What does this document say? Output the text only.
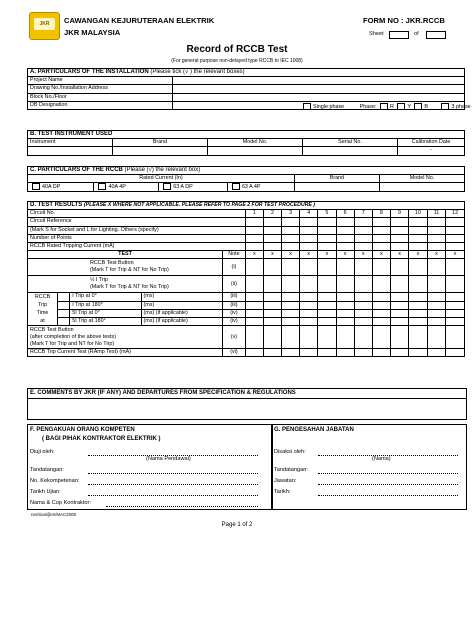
JKR	CAWANGAN KEJURUTERAAN ELEKTRIK
JKR MALAYSIA
FORM NO : JKR.RCCB
Sheet	of
Record of RCCB Test
(For general purpose non-delayed type RCCB to IEC 1008)
A. PARTICULARS OF THE INSTALLATION (Please tick (√ ) the relevant boxes)	
Project Name	
Drawing No./Installation Address	
Block No./Floor	
DB Designation	Single phase Phase: R Y B 3 phase
B. TEST INSTRUMENT USED				
Instrument	Brand	Model No.	Serial No.	Calibration Date
				-
C. PARTICULARS OF THE RCCB (Please (√) the relevant box)					
Rated Current (In)				Brand	Model No.
40A DP	40A 4P	63 A DP	63 A 4P		
D. TEST RESULTS (PLEASE X WHERE NOT APPLICABLE. PLEASE REFER TO PAGE 2 FOR TEST PROCEDURE )																
Circuit No.					1	2	3	4	5	6	7	8	9	10	11	12
Circuit Reference																
(Mark S for Socket and L for Lighting. Others (specify)																
Number of Points																
RCCB Rated Tripping Current (mA)																
TEST				Note	x	x	x	x	x	x	x	x	x	x	x	x
RCCB Test Button
(Mark T for Trip & NT for No Trip)				(i)												
½ I Trip
(Mark T for Trip & NT for No Trip)				(ii)												
RCCB		I Trip at 0°	(ms)	(iii)												
Trip		I Trip at 180°	(ms)	(iii)												
Time		5I Trip at 0°	(ms) (if applicable)	(iv)												
at		5I Trip at 180°	(ms) (if applicable)	(iv)												
RCCB Test Button
(after completion of the above tests)
(Mark T for Trip and NT for No Trip)				(v)												
RCCB Trip Current Test (RAmp Test) (mA)				(vi)												
E. COMMENTS BY JKR (IF ANY) AND DEPARTURES FROM SPECIFICATION & REGULATIONS
F. PENGAKUAN ORANG KOMPETEN
( BAGI PIHAK KONTRAKTOR ELEKTRIK )
Diuji oleh:
(Nama Pendawai)
Tandatangan:
No. Kekompetenan:
Tarikh Ujian:
Nama & Cop Kontraktor:
G. PENGESAHAN JABATAN
Disaksi oleh:
(Nama)
Tandatangan:
Jawatan:
Tarikh:
rev/siosi/jkm/MAC2008
Page 1 of 2
